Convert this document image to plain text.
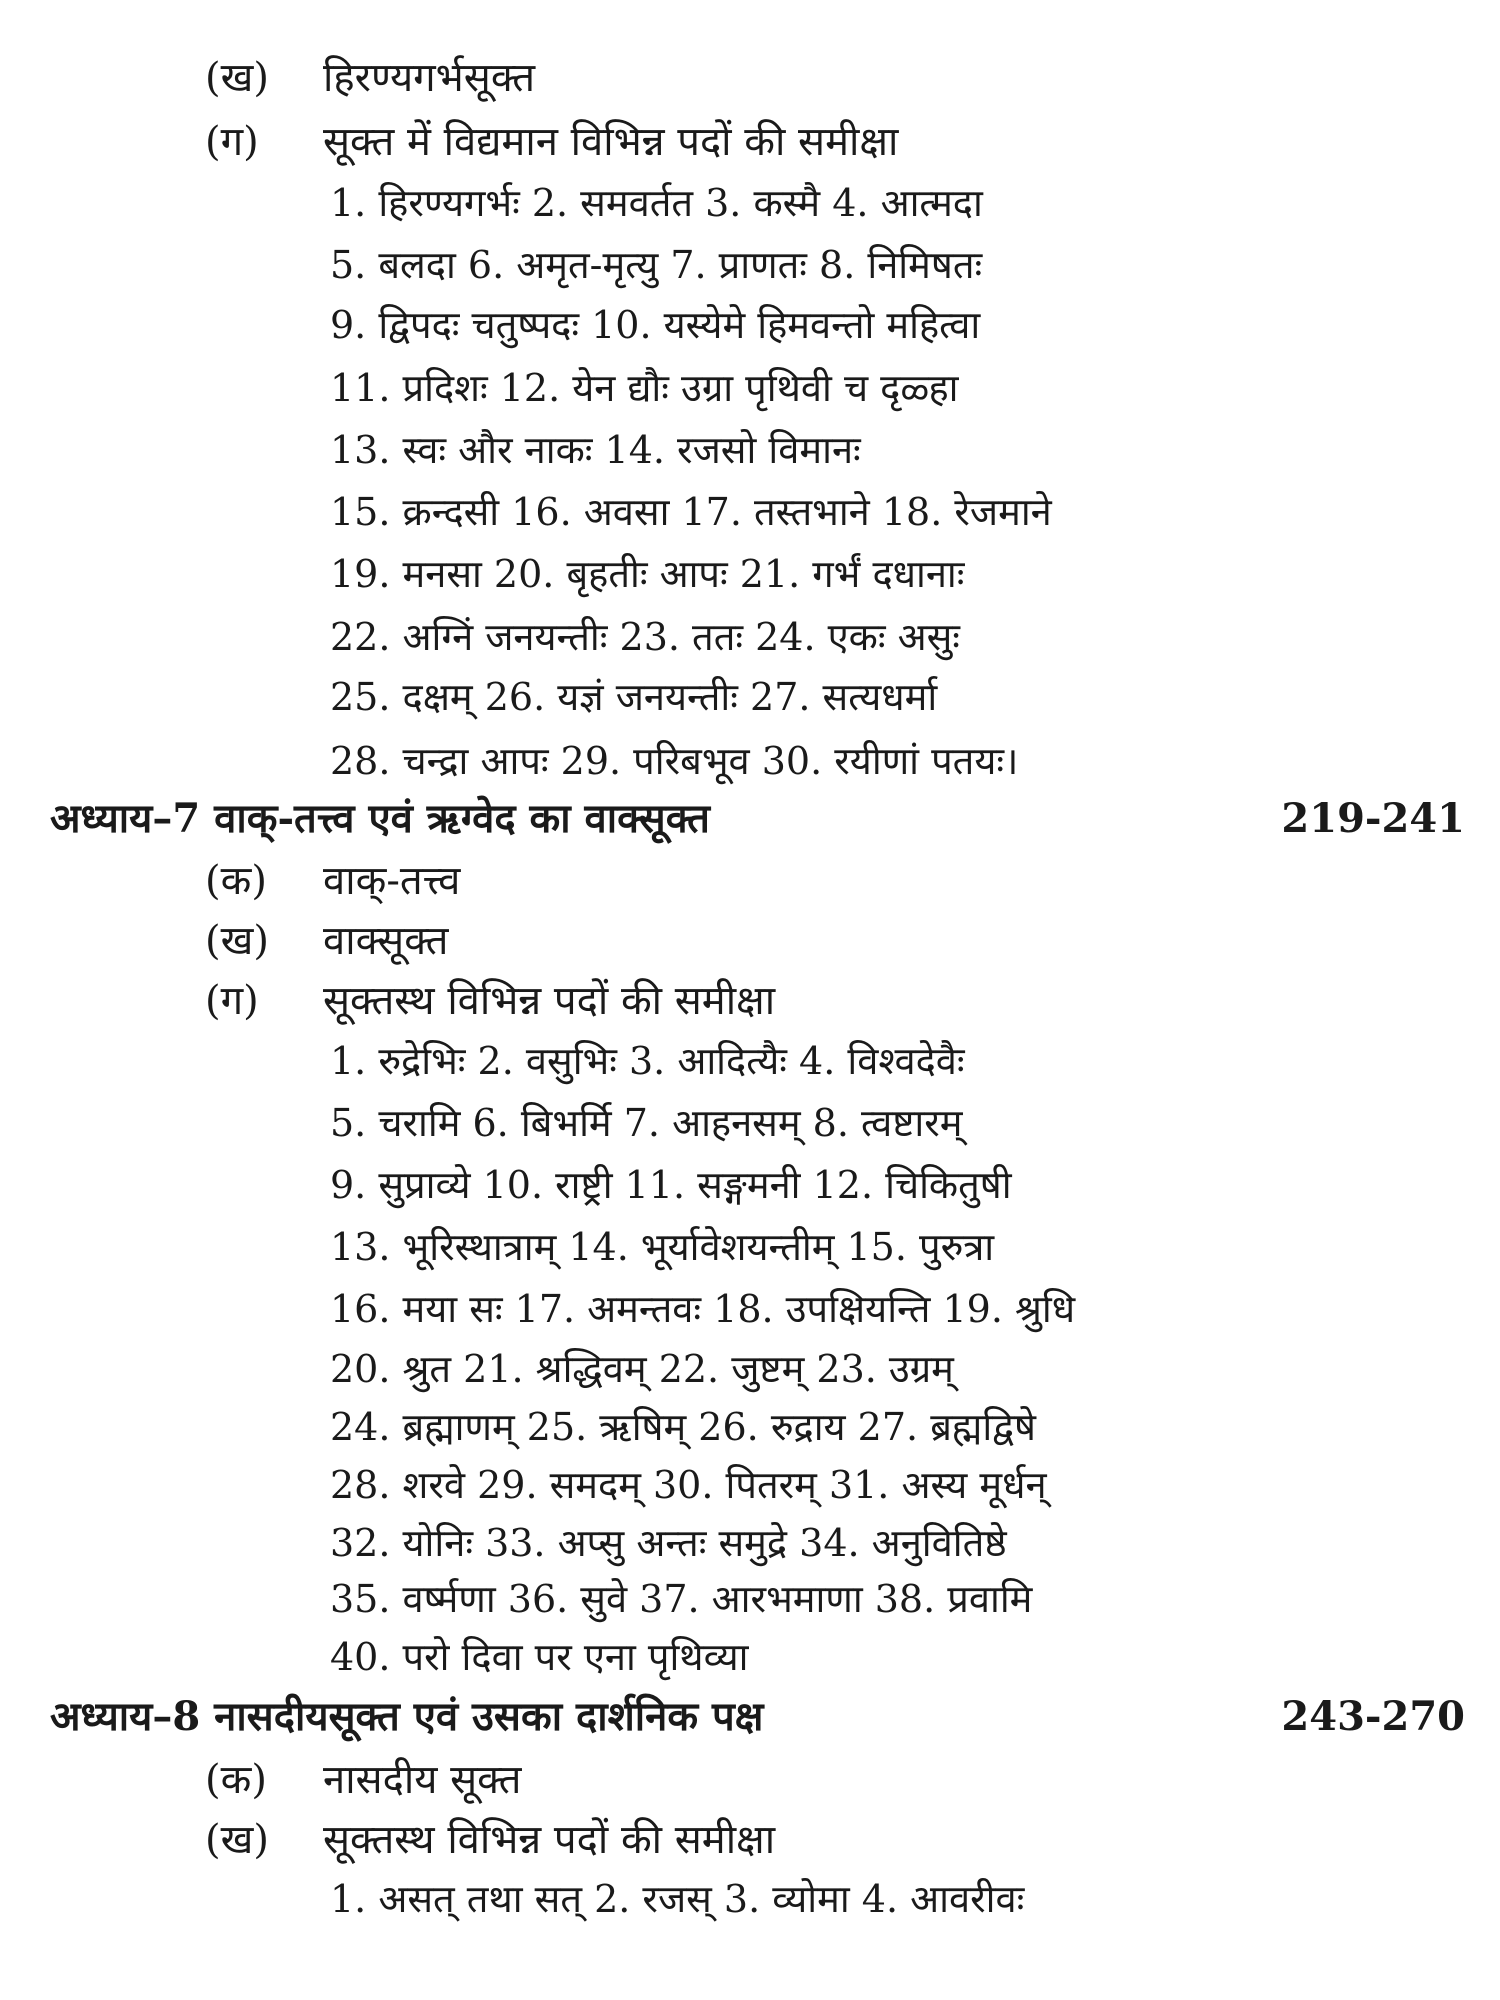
(ख) हिरण्यगर्भसूक्त
(ग) सूक्त में विद्यमान विभिन्न पदों की समीक्षा
1. हिरण्यगर्भः 2. समवर्तत 3. कस्मै 4. आत्मदा
5. बलदा 6. अमृत-मृत्यु 7. प्राणतः 8. निमिषतः
9. द्विपदः चतुष्पदः 10. यस्येमे हिमवन्तो महित्वा
11. प्रदिशः 12. येन द्यौः उग्रा पृथिवी च दृळ्हा
13. स्वः और नाकः 14. रजसो विमानः
15. क्रन्दसी 16. अवसा 17. तस्तभाने 18. रेजमाने
19. मनसा 20. बृहतीः आपः 21. गर्भं दधानाः
22. अग्निं जनयन्तीः 23. ततः 24. एकः असुः
25. दक्षम् 26. यज्ञं जनयन्तीः 27. सत्यधर्मा
28. चन्द्रा आपः 29. परिबभूव 30. रयीणां पतयः।
अध्याय–7 वाक्-तत्त्व एवं ऋग्वेद का वाक्सूक्त	219-241
(क) वाक्-तत्त्व
(ख) वाक्सूक्त
(ग) सूक्तस्थ विभिन्न पदों की समीक्षा
1. रुद्रेभिः 2. वसुभिः 3. आदित्यैः 4. विश्वदेवैः
5. चरामि 6. बिभर्मि 7. आहनसम् 8. त्वष्टारम्
9. सुप्राव्ये 10. राष्ट्री 11. सङ्गमनी 12. चिकितुषी
13. भूरिस्थात्राम् 14. भूर्यावेशयन्तीम् 15. पुरुत्रा
16. मया सः 17. अमन्तवः 18. उपक्षियन्ति 19. श्रुधि
20. श्रुत 21. श्रद्धिवम् 22. जुष्टम् 23. उग्रम्
24. ब्रह्माणम् 25. ऋषिम् 26. रुद्राय 27. ब्रह्मद्विषे
28. शरवे 29. समदम् 30. पितरम् 31. अस्य मूर्धन्
32. योनिः 33. अप्सु अन्तः समुद्रे 34. अनुवितिष्ठे
35. वर्ष्मणा 36. सुवे 37. आरभमाणा 38. प्रवामि
40. परो दिवा पर एना पृथिव्या
अध्याय–8 नासदीयसूक्त एवं उसका दार्शनिक पक्ष	243-270
(क) नासदीय सूक्त
(ख) सूक्तस्थ विभिन्न पदों की समीक्षा
1. असत् तथा सत् 2. रजस् 3. व्योमा 4. आवरीवः
